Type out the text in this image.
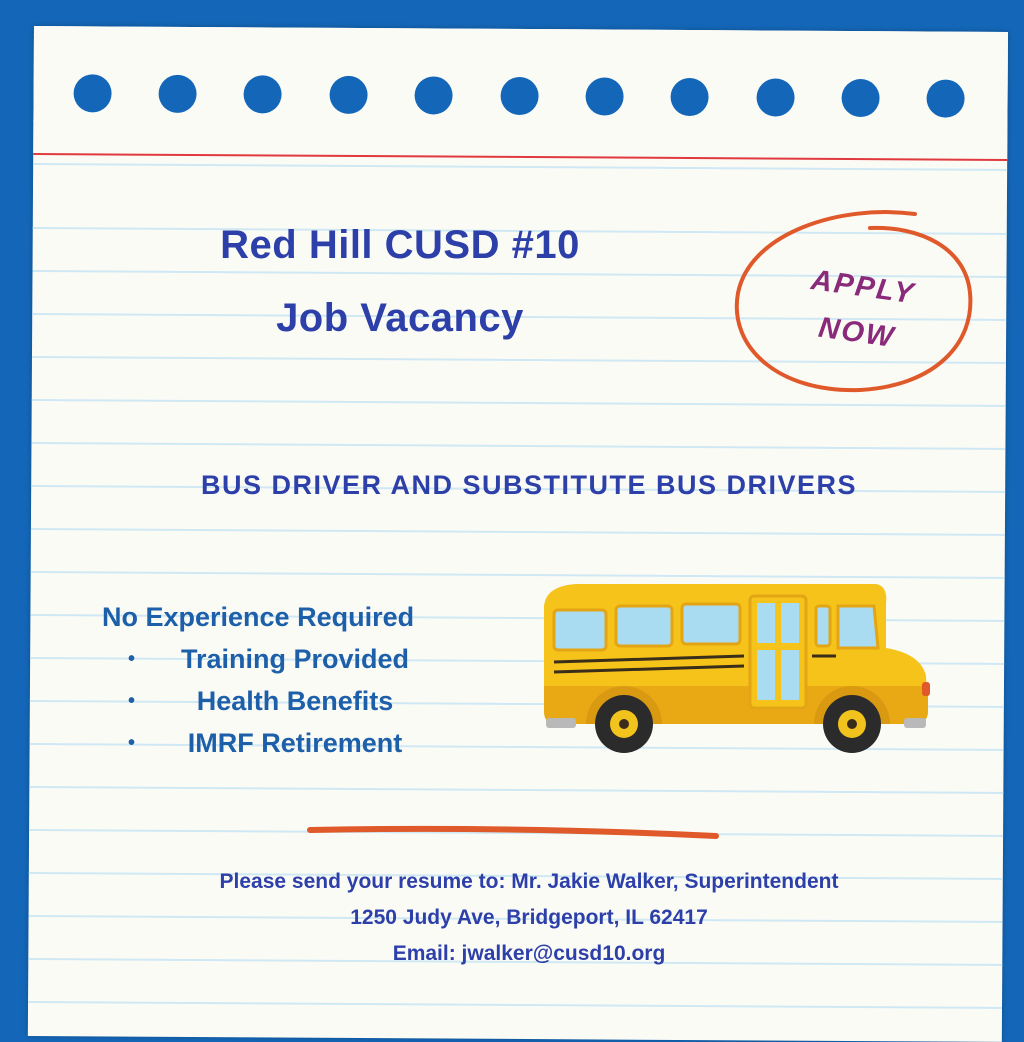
Red Hill CUSD #10
Job Vacancy
APPLY
NOW
BUS DRIVER AND SUBSTITUTE BUS DRIVERS
No Experience Required
• Training Provided
• Health Benefits
• IMRF Retirement
Please send your resume to: Mr. Jakie Walker, Superintendent
1250 Judy Ave, Bridgeport, IL 62417
Email: jwalker@cusd10.org
